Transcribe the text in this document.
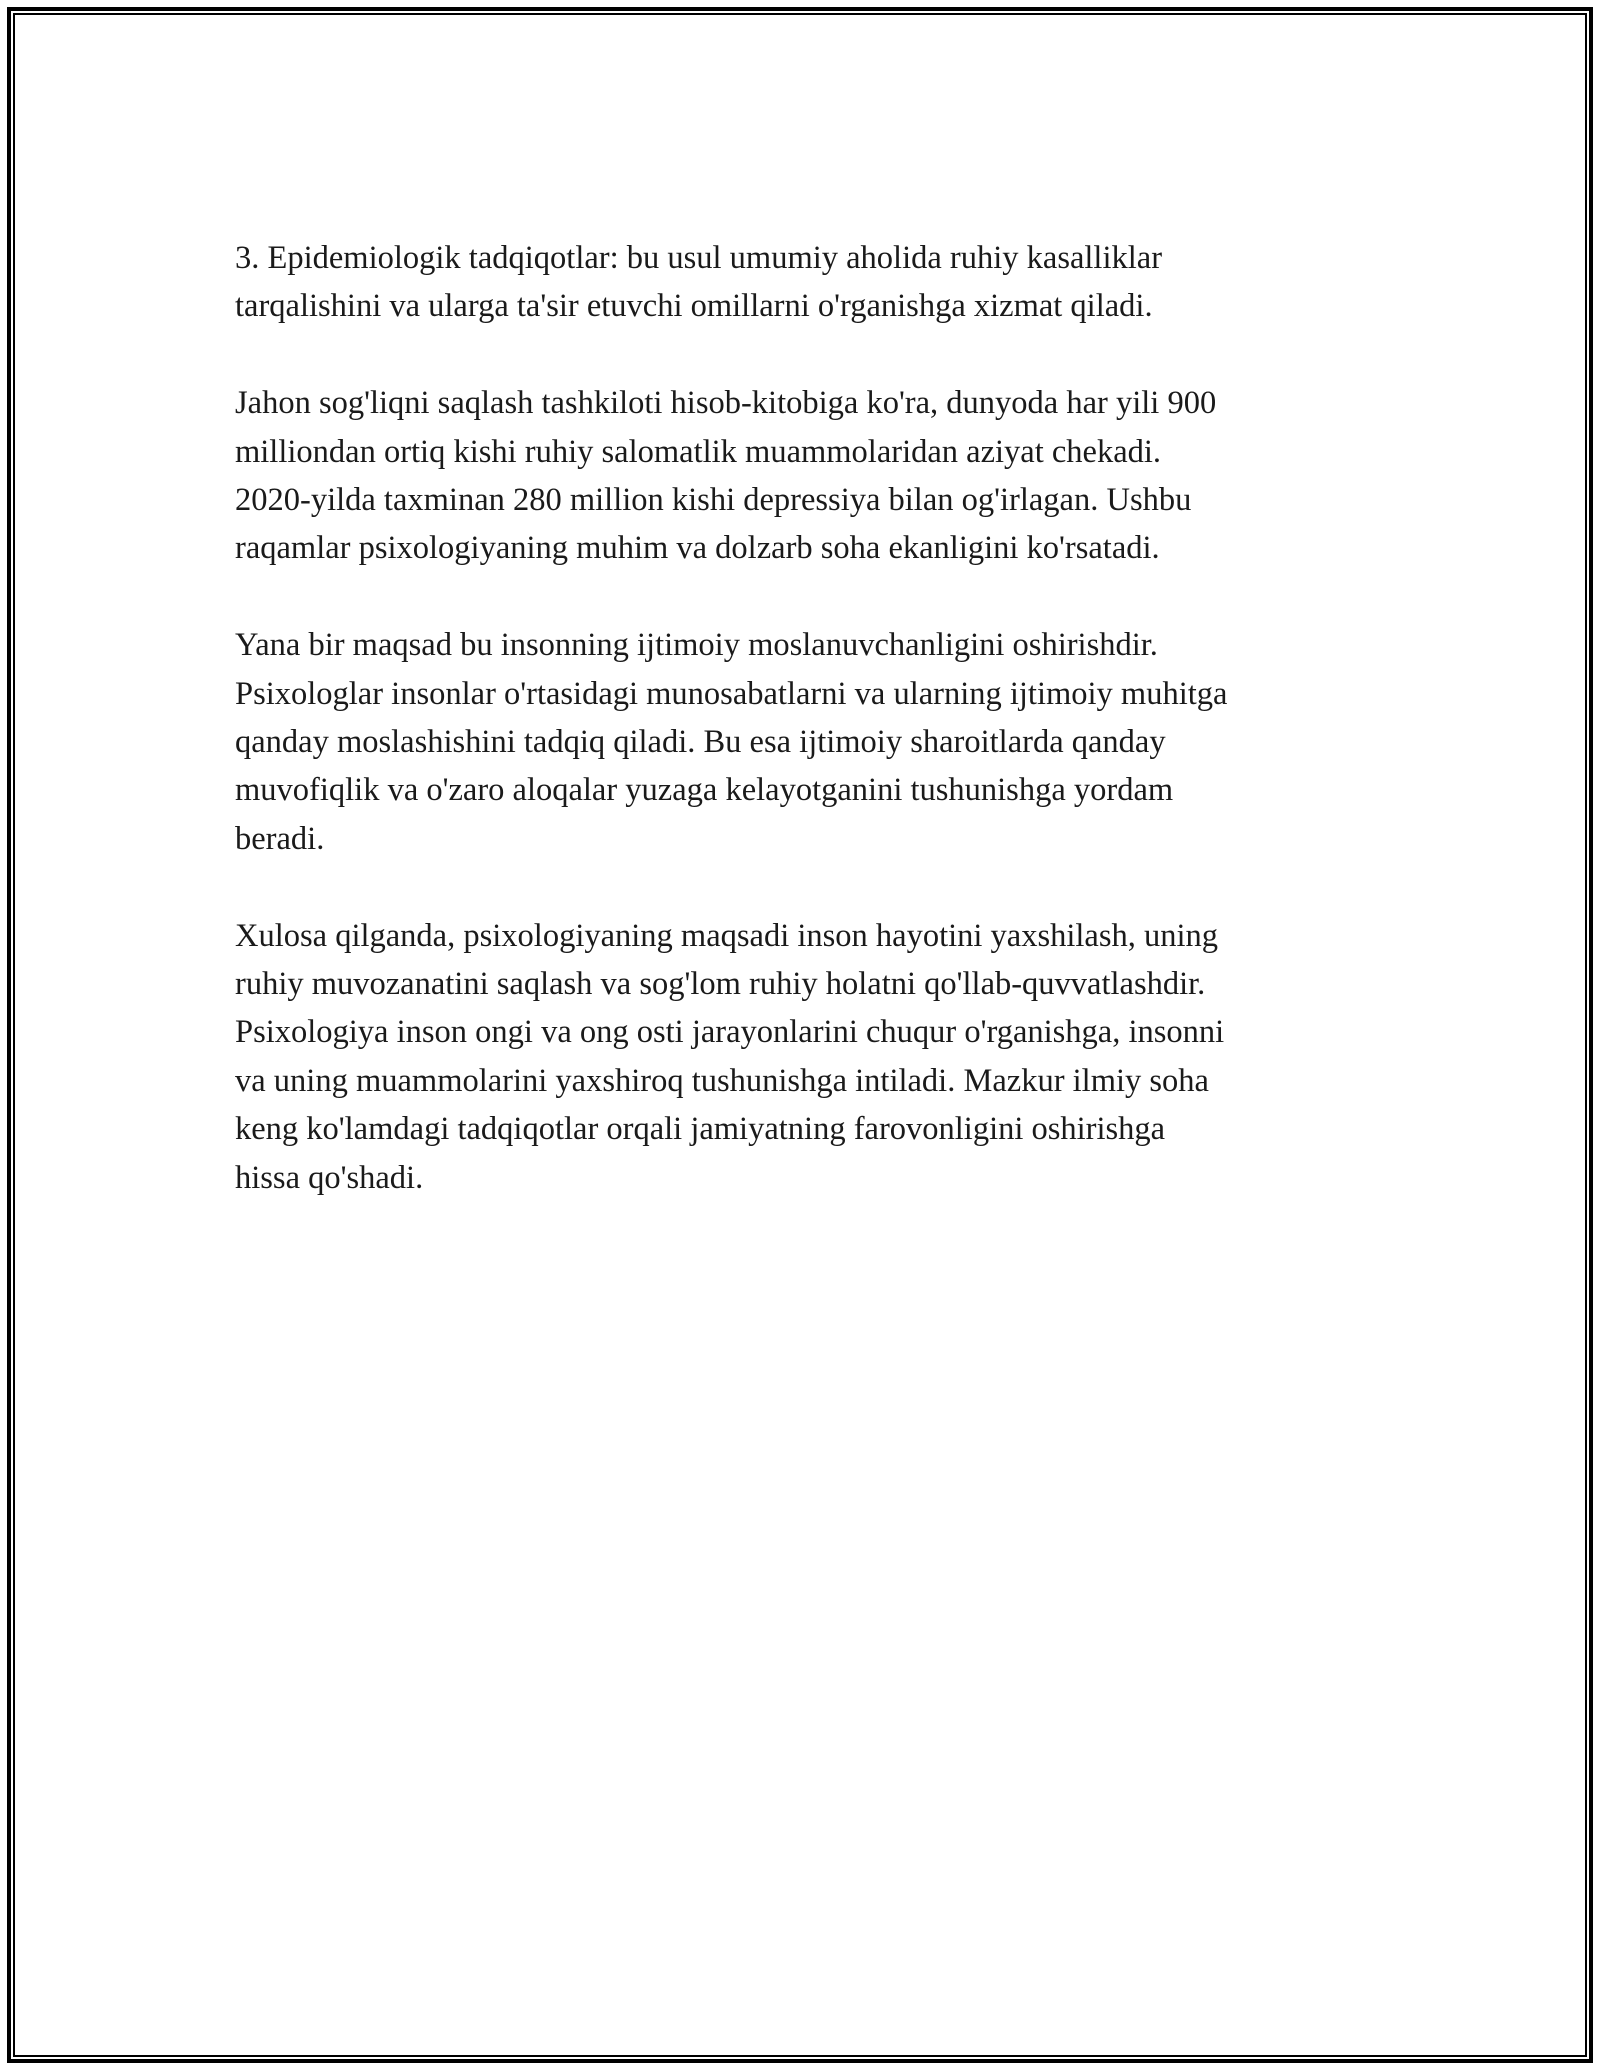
3. Epidemiologik tadqiqotlar: bu usul umumiy aholida ruhiy kasalliklar
tarqalishini va ularga ta'sir etuvchi omillarni o'rganishga xizmat qiladi.

Jahon sog'liqni saqlash tashkiloti hisob-kitobiga ko'ra, dunyoda har yili 900
milliondan ortiq kishi ruhiy salomatlik muammolaridan aziyat chekadi.
2020-yilda taxminan 280 million kishi depressiya bilan og'irlagan. Ushbu
raqamlar psixologiyaning muhim va dolzarb soha ekanligini ko'rsatadi.

Yana bir maqsad bu insonning ijtimoiy moslanuvchanligini oshirishdir.
Psixologlar insonlar o'rtasidagi munosabatlarni va ularning ijtimoiy muhitga
qanday moslashishini tadqiq qiladi. Bu esa ijtimoiy sharoitlarda qanday
muvofiqlik va o'zaro aloqalar yuzaga kelayotganini tushunishga yordam
beradi.

Xulosa qilganda, psixologiyaning maqsadi inson hayotini yaxshilash, uning
ruhiy muvozanatini saqlash va sog'lom ruhiy holatni qo'llab-quvvatlashdir.
Psixologiya inson ongi va ong osti jarayonlarini chuqur o'rganishga, insonni
va uning muammolarini yaxshiroq tushunishga intiladi. Mazkur ilmiy soha
keng ko'lamdagi tadqiqotlar orqali jamiyatning farovonligini oshirishga
hissa qo'shadi.
